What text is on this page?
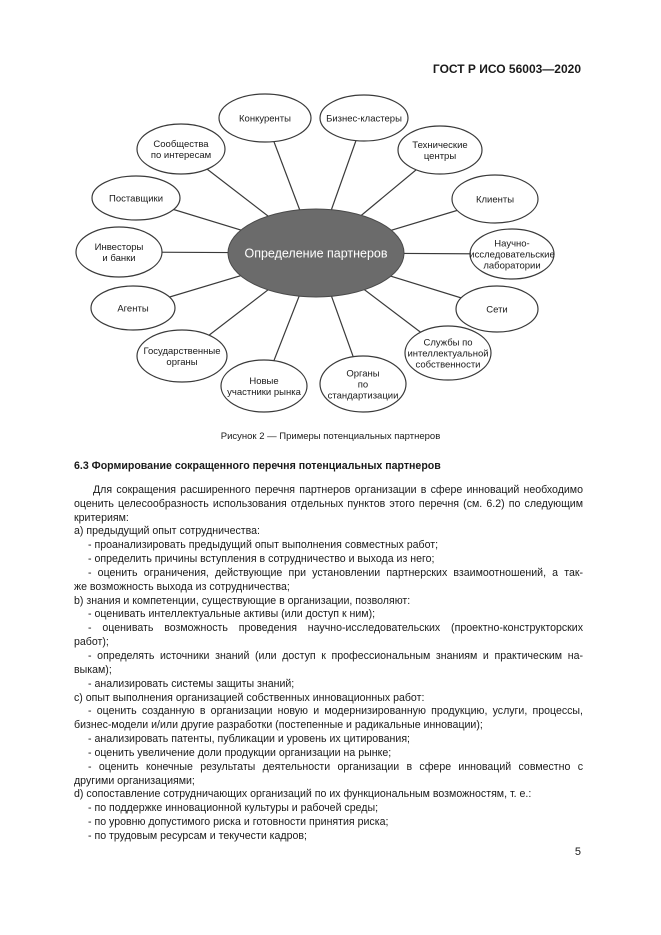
ГОСТ Р ИСО 56003—2020
Конкуренты	Бизнес-кластеры
Технические
центры
Клиенты
Научно-
исследовательские
лаборатории
Сети
Службы по
интеллектуальной
собственности
Органы
по
стандартизации
Новые
участники рынка
Государственные
органы
Агенты
Инвесторы
и банки
Поставщики
Сообщества
по интересам
Определение партнеров
Рисунок 2 — Примеры потенциальных партнеров
6.3 Формирование сокращенного перечня потенциальных партнеров

Для сокращения расширенного перечня партнеров организации в сфере инноваций необходимо
оценить целесообразность использования отдельных пунктов этого перечня (см. 6.2) по следующим
критериям:

a) предыдущий опыт сотрудничества:
- проанализировать предыдущий опыт выполнения совместных работ;
- определить причины вступления в сотрудничество и выхода из него;
- оценить ограничения, действующие при установлении партнерских взаимоотношений, а так-
же возможность выхода из сотрудничества;
b) знания и компетенции, существующие в организации, позволяют:
- оценивать интеллектуальные активы (или доступ к ним);
- оценивать возможность проведения научно-исследовательских (проектно-конструкторских
работ);
- определять источники знаний (или доступ к профессиональным знаниям и практическим на-
выкам);
- анализировать системы защиты знаний;
c) опыт выполнения организацией собственных инновационных работ:
- оценить созданную в организации новую и модернизированную продукцию, услуги, процессы,
бизнес-модели и/или другие разработки (постепенные и радикальные инновации);
- анализировать патенты, публикации и уровень их цитирования;
- оценить увеличение доли продукции организации на рынке;
- оценить конечные результаты деятельности организации в сфере инноваций совместно с
другими организациями;
d) сопоставление сотрудничающих организаций по их функциональным возможностям, т. е.:
- по поддержке инновационной культуры и рабочей среды;
- по уровню допустимого риска и готовности принятия риска;
- по трудовым ресурсам и текучести кадров;
5
